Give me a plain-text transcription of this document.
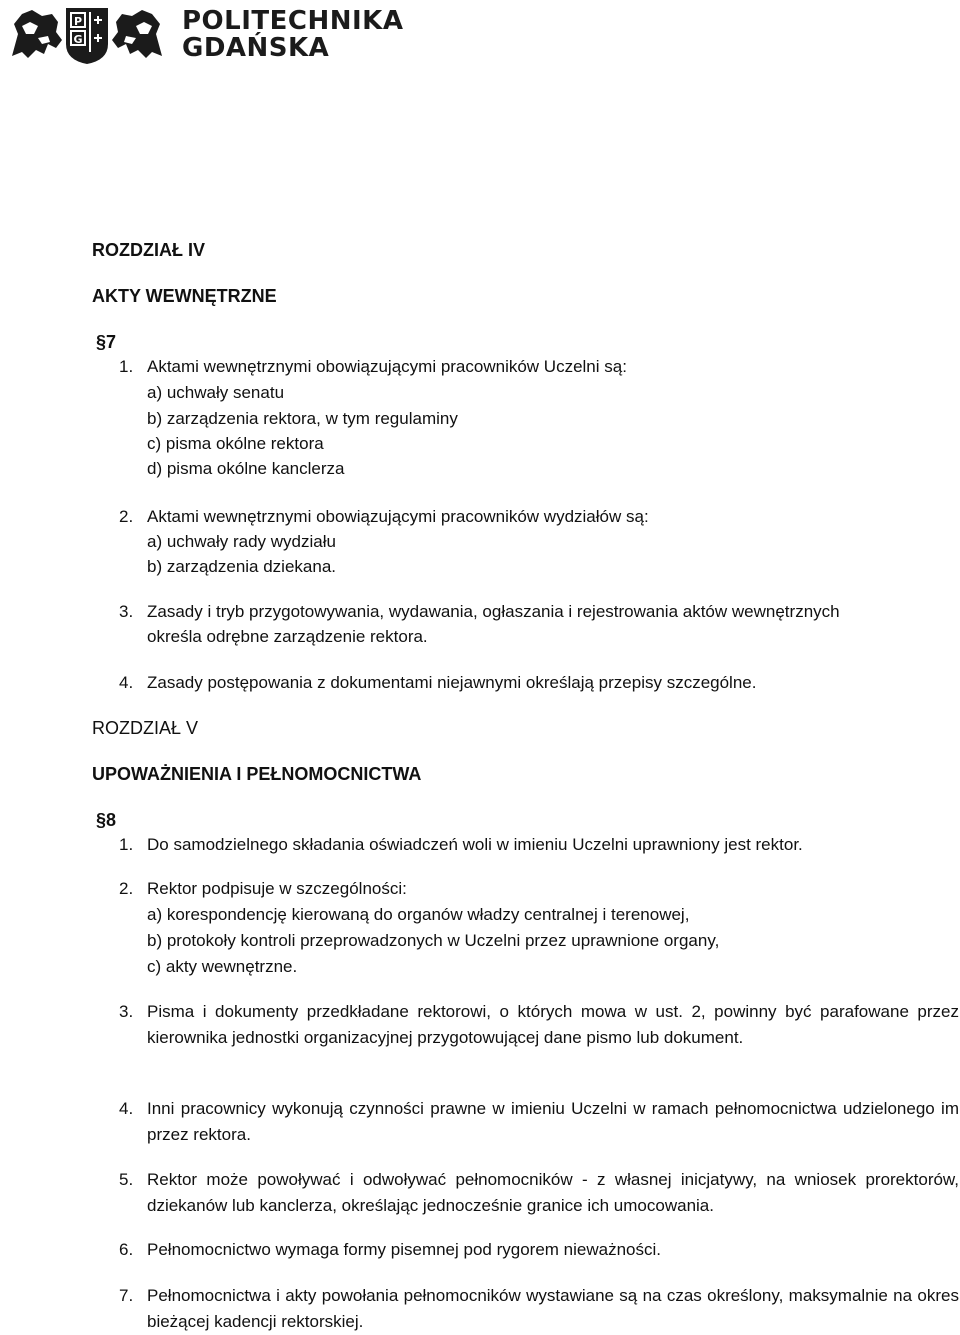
P
G
POLITECHNIKA
GDAŃSKA
ROZDZIAŁ IV
AKTY WEWNĘTRZNE
§7
1. Aktami wewnętrznymi obowiązującymi pracowników Uczelni są:
a) uchwały senatu
b) zarządzenia rektora, w tym regulaminy
c) pisma okólne rektora
d) pisma okólne kanclerza
2. Aktami wewnętrznymi obowiązującymi pracowników wydziałów są:
a) uchwały rady wydziału
b) zarządzenia dziekana.
3. Zasady i tryb przygotowywania, wydawania, ogłaszania i rejestrowania aktów wewnętrznych
określa odrębne zarządzenie rektora.
4. Zasady postępowania z dokumentami niejawnymi określają przepisy szczególne.
ROZDZIAŁ V
UPOWAŻNIENIA I PEŁNOMOCNICTWA
§8
1. Do samodzielnego składania oświadczeń woli w imieniu Uczelni uprawniony jest rektor.
2. Rektor podpisuje w szczególności:
a) korespondencję kierowaną do organów władzy centralnej i terenowej,
b) protokoły kontroli przeprowadzonych w Uczelni przez uprawnione organy,
c) akty wewnętrzne.
3. Pisma i dokumenty przedkładane rektorowi, o których mowa w ust. 2, powinny być parafowane przez kierownika jednostki organizacyjnej przygotowującej dane pismo lub dokument.
4. Inni pracownicy wykonują czynności prawne w imieniu Uczelni w ramach pełnomocnictwa udzielonego im przez rektora.
5. Rektor może powoływać i odwoływać pełnomocników - z własnej inicjatywy, na wniosek prorektorów, dziekanów lub kanclerza, określając jednocześnie granice ich umocowania.
6. Pełnomocnictwo wymaga formy pisemnej pod rygorem nieważności.
7. Pełnomocnictwa i akty powołania pełnomocników wystawiane są na czas określony, maksymalnie na okres bieżącej kadencji rektorskiej.
